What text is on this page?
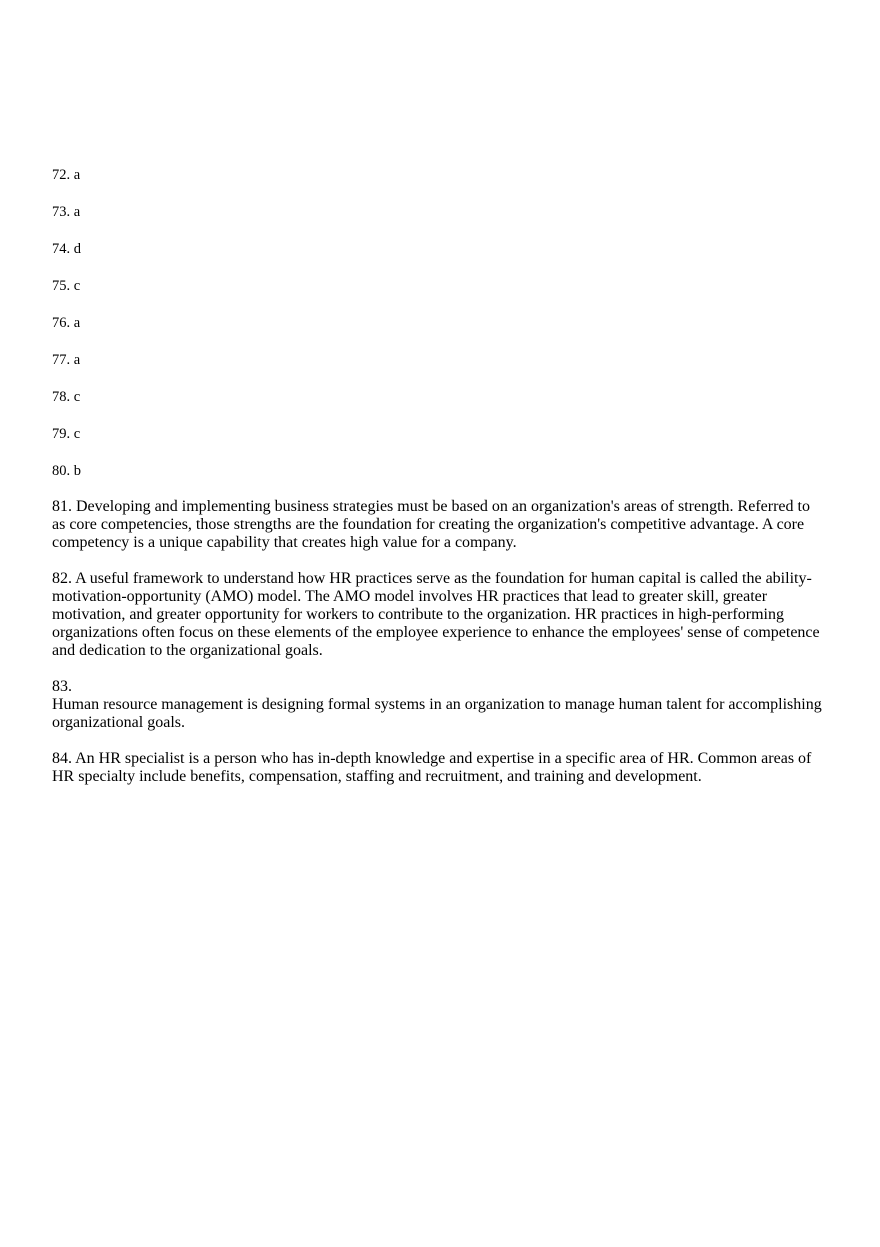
72. a
73. a
74. d
75. c
76. a
77. a
78. c
79. c
80. b
81. Developing and implementing business strategies must be based on an organization's areas of strength. Referred to as core competencies, those strengths are the foundation for creating the organization's competitive advantage. A core competency is a unique capability that creates high value for a company.
82. A useful framework to understand how HR practices serve as the foundation for human capital is called the ability-motivation-opportunity (AMO) model. The AMO model involves HR practices that lead to greater skill, greater motivation, and greater opportunity for workers to contribute to the organization. HR practices in high-performing organizations often focus on these elements of the employee experience to enhance the employees' sense of competence and dedication to the organizational goals.
83.
Human resource management is designing formal systems in an organization to manage human talent for accomplishing organizational goals.
84. An HR specialist is a person who has in-depth knowledge and expertise in a specific area of HR. Common areas of HR specialty include benefits, compensation, staffing and recruitment, and training and development.
